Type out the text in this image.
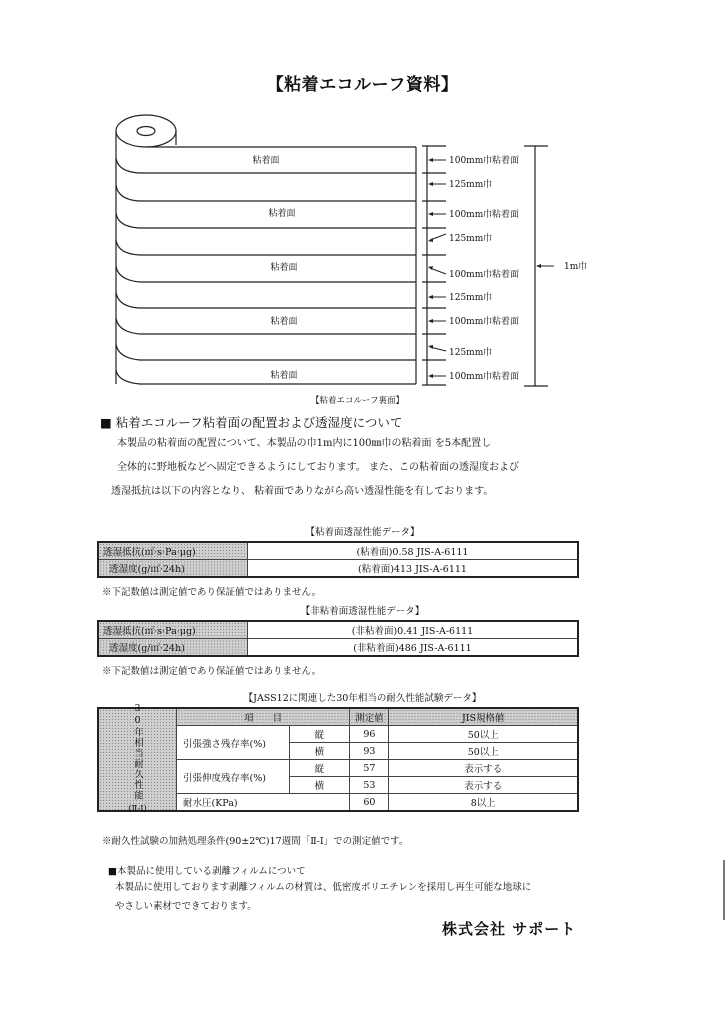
【粘着エコルーフ資料】
粘着面
粘着面
粘着面
粘着面
粘着面
100mm巾 粘着面
125mm巾
100mm巾 粘着面
125mm巾
100mm巾 粘着面
125mm巾
100mm巾 粘着面
125mm巾
100mm巾 粘着面
1m巾
【粘着エコルーフ裏面】
■ 粘着エコルーフ粘着面の配置および透湿度について
本製品の粘着面の配置について、本製品の巾1m内に100㎜巾の粘着面 を5本配置し
全体的に野地板などへ固定できるようにしております。 また、この粘着面の透湿度および
透湿抵抗は以下の内容となり、 粘着面でありながら高い透湿性能を有しております。
【粘着面透湿性能データ】
透湿抵抗(㎡·s·Pa·μg)	(粘着面)0.58 JIS-A-6111
透湿度(g/㎡·24h)	(粘着面)413 JIS-A-6111
※下記数値は測定値であり保証値ではありません。
【非粘着面透湿性能データ】
透湿抵抗(㎡·s·Pa·μg)	(非粘着面)0.41 JIS-A-6111
透湿度(g/㎡·24h)	(非粘着面)486 JIS-A-6111
※下記数値は測定値であり保証値ではありません。
【JASS12に関連した30年相当の耐久性能試験データ】
30年相当耐久性能
(Ⅱ-Ⅰ)	項　　目		測定値	JIS規格値
	引張強さ残存率(%)	縦	96	50以上
		横	93	50以上
	引張伸度残存率(%)	縦	57	表示する
		横	53	表示する
	耐水圧(KPa)		60	8以上
※耐久性試験の加熱処理条件(90±2℃)17週間「Ⅱ-Ⅰ」での測定値です。
■本製品に使用している剥離フィルムについて
本製品に使用しております剥離フィルムの材質は、低密度ポリエチレンを採用し再生可能な地球に
やさしい素材でできております。
株式会社 サポート
